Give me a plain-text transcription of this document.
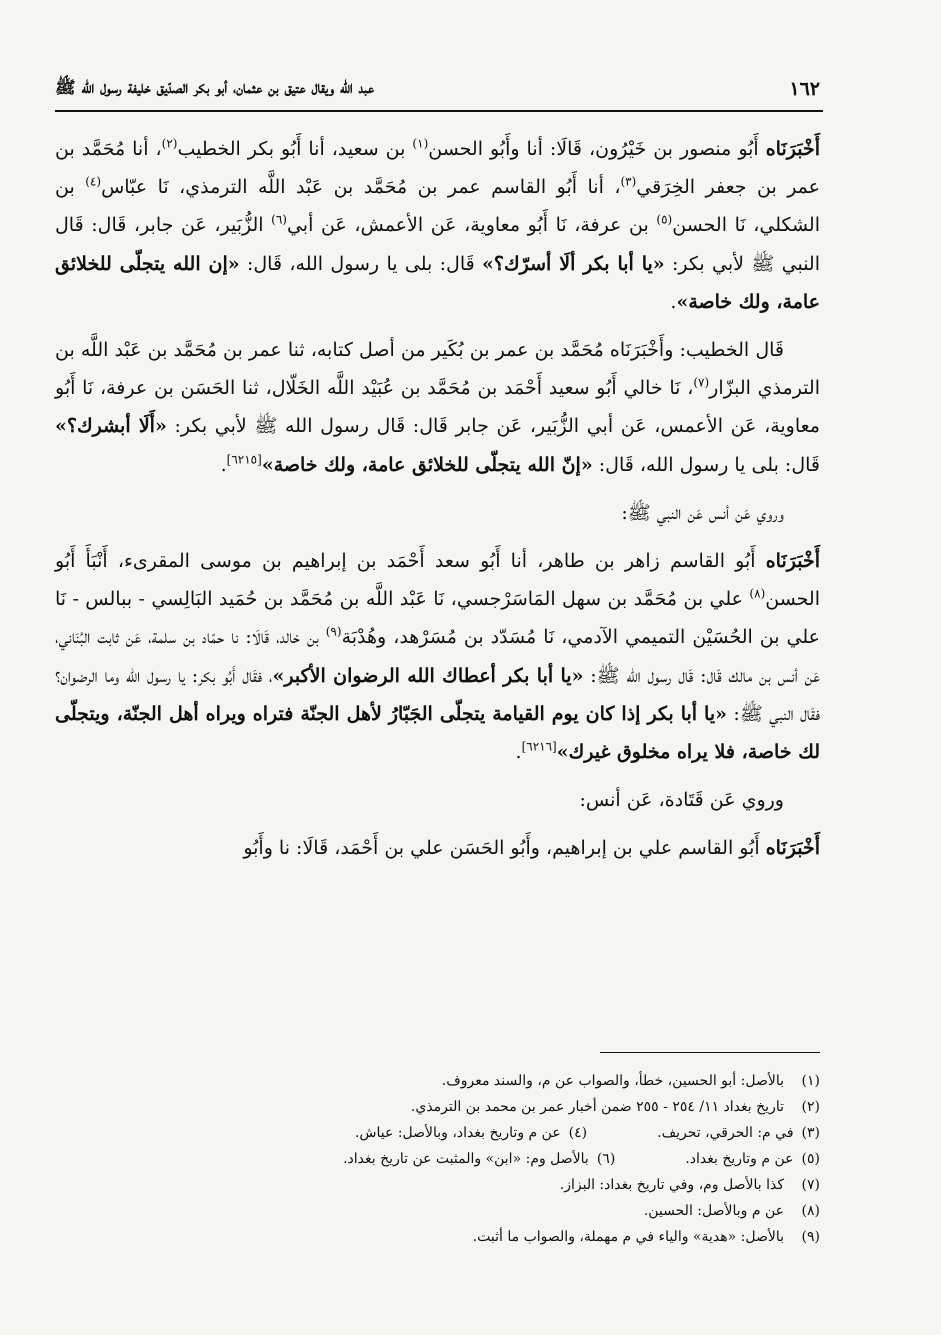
١٦٢
عبد الله ويقال عتيق بن عثمان، أبو بكر الصدّيق خليفة رسول الله ﷺ

أَخْبَرَنَاه أَبُو منصور بن خَيْرُون، قَالَا: أنا وأَبُو الحسن$^{(١)}$ بن سعيد، أنا أَبُو بكر الخطيب$^{(٢)}$، أنا مُحَمَّد بن عمر بن جعفر الخِرَقي$^{(٣)}$، أنا أَبُو القاسم عمر بن مُحَمَّد بن عَبْد اللَّه الترمذي، نَا عبّاس$^{(٤)}$ بن الشكلي، نَا الحسن$^{(٥)}$ بن عرفة، نَا أَبُو معاوية، عَن الأعمش، عَن أبي$^{(٦)}$ الزُّبَير، عَن جابر، قَال: قَال النبي ﷺ لأبي بكر: «يا أبا بكر ألَا أسرّك؟» قَال: بلى يا رسول الله، قَال: «إن الله يتجلّى للخلائق عامة، ولك خاصة».

قَال الخطيب: وأَخْبَرَنَاه مُحَمَّد بن عمر بن بُكَير من أصل كتابه، ثنا عمر بن مُحَمَّد بن عَبْد اللَّه بن الترمذي البزّار$^{(٧)}$، نَا خالي أَبُو سعيد أَحْمَد بن مُحَمَّد بن عُبَيْد اللَّه الخَلّال، ثنا الحَسَن بن عرفة، نَا أَبُو معاوية، عَن الأعمس، عَن أبي الزُّبَير، عَن جابر قَال: قَال رسول الله ﷺ لأبي بكر: «أَلَا أبشرك؟» قَال: بلى يا رسول الله، قَال: «إنّ الله يتجلّى للخلائق عامة، ولك خاصة»[٦٢١٥].

وروي عَن أنس عَن النبي ﷺ:

أَخْبَرَنَاه أَبُو القاسم زاهر بن طاهر، أنا أَبُو سعد أَحْمَد بن إبراهيم بن موسى المقرىء، أَنْبَأَ أَبُو الحسن$^{(٨)}$ علي بن مُحَمَّد بن سهل المَاسَرْجسي، نَا عَبْد اللَّه بن مُحَمَّد بن حُمَيد البَالِسي - ببالس - نَا علي بن الحُسَيْن التميمي الآدمي، نَا مُسَدّد بن مُسَرْهد، وهُدْبَة$^{(٩)}$ بن خالد، قَالَا: نا حمّاد بن سلمة، عَن ثابت البُنَاني، عَن أنس بن مالك قَال: قَال رسول الله ﷺ: «يا أبا بكر أعطاك الله الرضوان الأكبر»، فقَال أَبُو بكر: يا رسول الله وما الرضوان؟ فقَال النبي ﷺ: «يا أبا بكر إذا كان يوم القيامة يتجلّى الجَبّارُ لأهل الجنّة فتراه ويراه أهل الجنّة، ويتجلّى لك خاصة، فلا يراه مخلوق غيرك»[٦٢١٦].

وروي عَن قَتَادة، عَن أنس:

أَخْبَرَنَاه أَبُو القاسم علي بن إبراهيم، وأَبُو الحَسَن علي بن أَحْمَد، قَالَا: نا وأَبُو

(١)
بالأصل: أبو الحسين، خطأ، والصواب عن م، والسند معروف.
(٢)
تاريخ بغداد ١١/ ٢٥٤ - ٢٥٥ ضمن أخبار عمر بن محمد بن الترمذي.
(٣)
في م: الحرقي، تحريف.
(٤)
عن م وتاريخ بغداد، وبالأصل: عياش.
(٥)
عن م وتاريخ بغداد.
(٦)
بالأصل وم: «ابن» والمثبت عن تاريخ بغداد.
(٧)
كذا بالأصل وم، وفي تاريخ بغداد: البزاز.
(٨)
عن م وبالأصل: الحسين.
(٩)
بالأصل: «هدية» والياء في م مهملة، والصواب ما أثبت.
